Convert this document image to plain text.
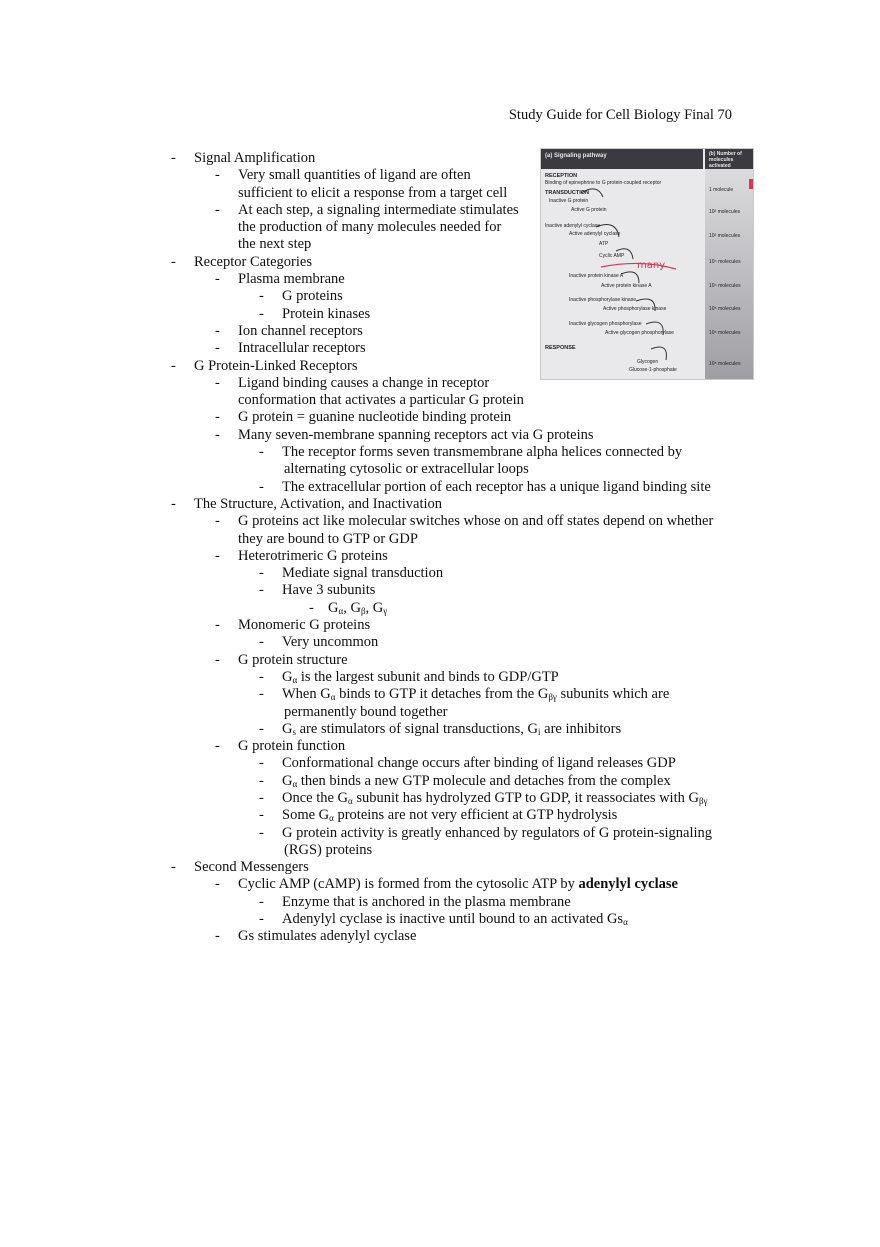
Study Guide for Cell Biology Final 70
- Signal Amplification
- Very small quantities of ligand are often
sufficient to elicit a response from a target cell
- At each step, a signaling intermediate stimulates
the production of many molecules needed for
the next step
- Receptor Categories
- Plasma membrane
- G proteins
- Protein kinases
- Ion channel receptors
- Intracellular receptors
- G Protein-Linked Receptors
- Ligand binding causes a change in receptor
conformation that activates a particular G protein
- G protein = guanine nucleotide binding protein
- Many seven-membrane spanning receptors act via G proteins
- The receptor forms seven transmembrane alpha helices connected by
alternating cytosolic or extracellular loops
- The extracellular portion of each receptor has a unique ligand binding site
- The Structure, Activation, and Inactivation
- G proteins act like molecular switches whose on and off states depend on whether
they are bound to GTP or GDP
- Heterotrimeric G proteins
- Mediate signal transduction
- Have 3 subunits
- $G_\alpha$, $G_\beta$, $G_\gamma$
- Monomeric G proteins
- Very uncommon
- G protein structure
- $G_\alpha$ is the largest subunit and binds to GDP/GTP
- When $G_\alpha$ binds to GTP it detaches from the $G_{\beta\gamma}$ subunits which are
permanently bound together
- $G_s$ are stimulators of signal transductions, $G_i$ are inhibitors
- G protein function
- Conformational change occurs after binding of ligand releases GDP
- $G_\alpha$ then binds a new GTP molecule and detaches from the complex
- Once the $G_\alpha$ subunit has hydrolyzed GTP to GDP, it reassociates with $G_{\beta\gamma}$
- Some $G_\alpha$ proteins are not very efficient at GTP hydrolysis
- G protein activity is greatly enhanced by regulators of G protein-signaling
(RGS) proteins
- Second Messengers
- Cyclic AMP (cAMP) is formed from the cytosolic ATP by adenylyl cyclase
- Enzyme that is anchored in the plasma membrane
- Adenylyl cyclase is inactive until bound to an activated $Gs_\alpha$
- Gs stimulates adenylyl cyclase
(a) Signaling pathway	(b) Number of molecules activated
RECEPTION
Binding of epinephrine to G protein-coupled receptor
TRANSDUCTION
Inactive G protein
Active G protein
Inactive adenylyl cyclase
Active adenylyl cyclase
ATP
Cyclic AMP
Inactive protein kinase A
Active protein kinase A
Inactive phosphorylase kinase
Active phosphorylase kinase
Inactive glycogen phosphorylase
Active glycogen phosphorylase
RESPONSE
Glycogen
Glucose-1-phosphate
1 molecule
10² molecules
10² molecules
10⁴ molecules
10⁴ molecules
10⁵ molecules
10⁶ molecules
10⁸ molecules
many
